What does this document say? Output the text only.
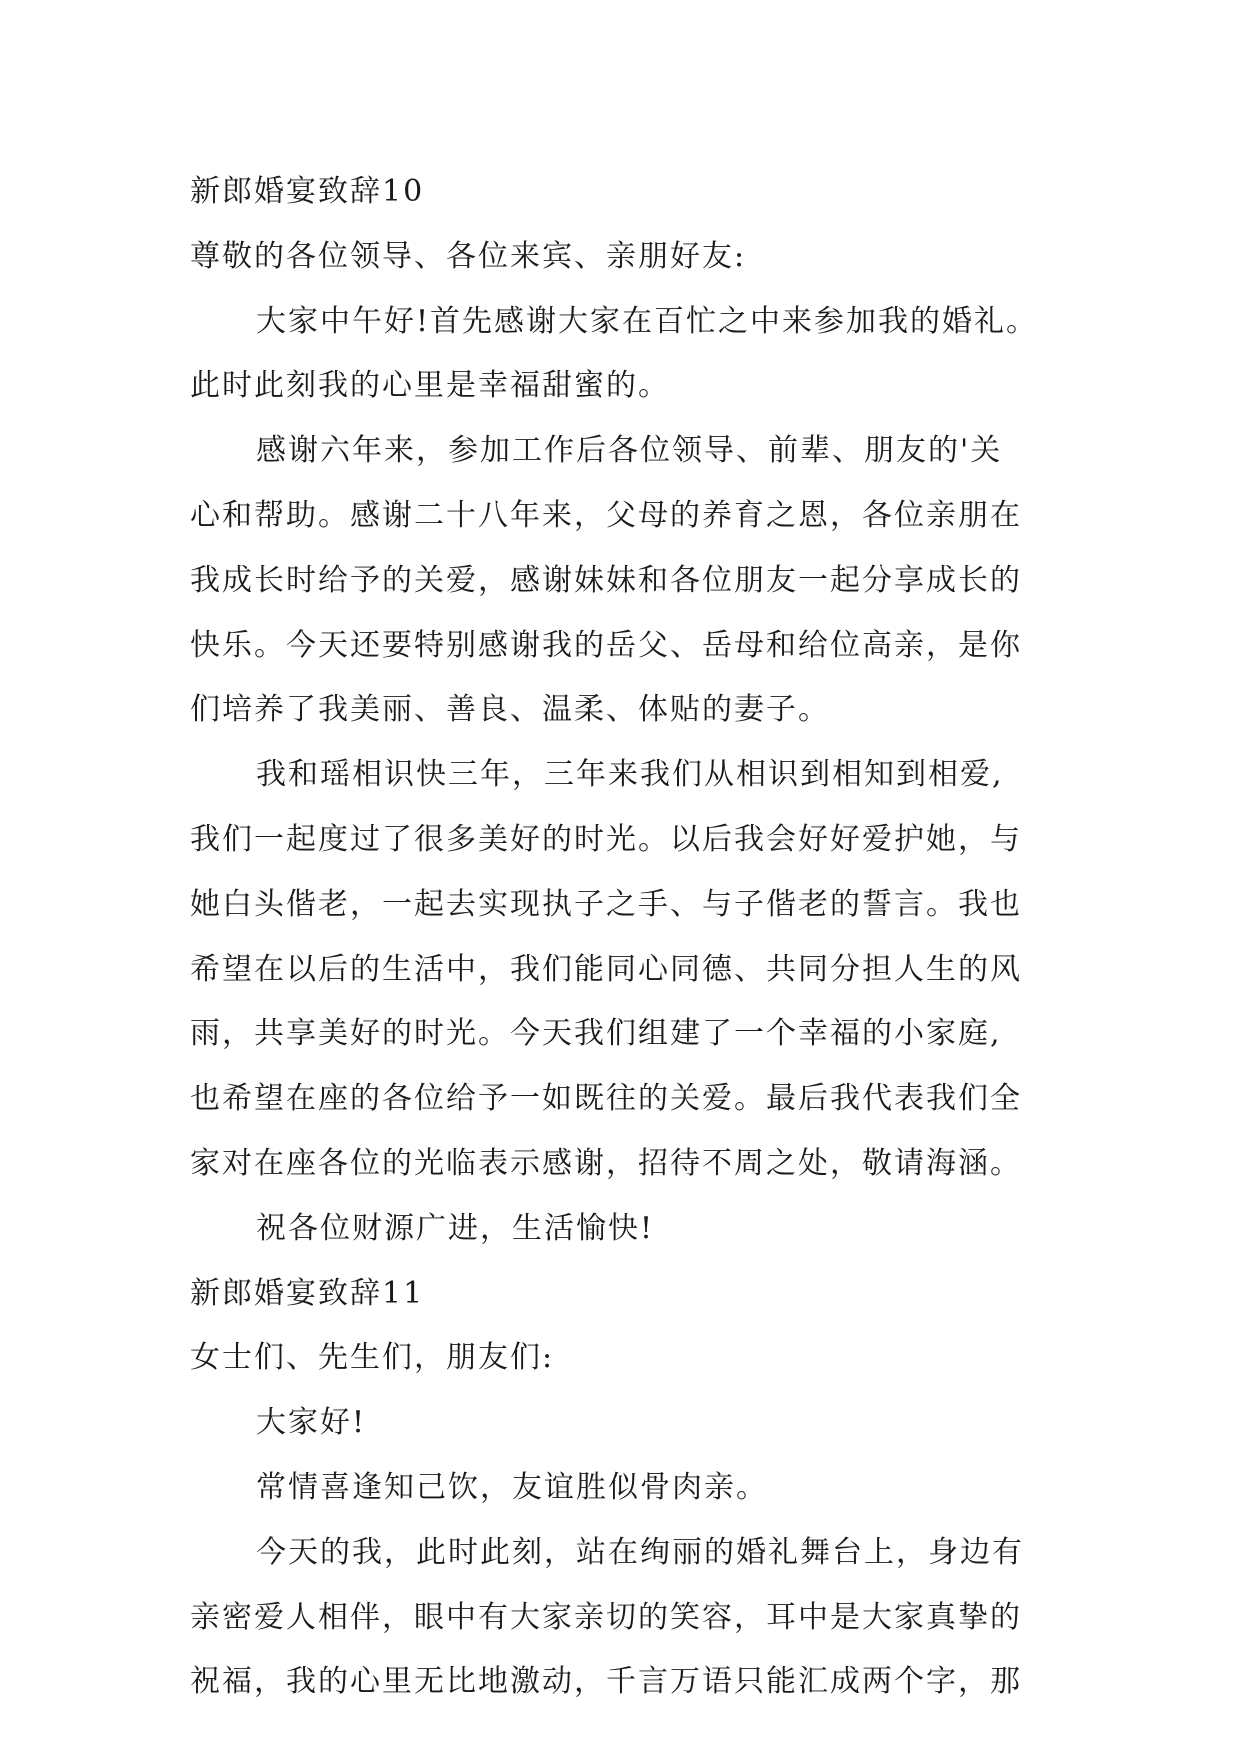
新郎婚宴致辞10
尊敬的各位领导、各位来宾、亲朋好友:
大家中午好!首先感谢大家在百忙之中来参加我的婚礼。
此时此刻我的心里是幸福甜蜜的。
感谢六年来，参加工作后各位领导、前辈、朋友的'关
心和帮助。感谢二十八年来，父母的养育之恩，各位亲朋在
我成长时给予的关爱，感谢妹妹和各位朋友一起分享成长的
快乐。今天还要特别感谢我的岳父、岳母和给位高亲，是你
们培养了我美丽、善良、温柔、体贴的妻子。
我和瑶相识快三年，三年来我们从相识到相知到相爱,
我们一起度过了很多美好的时光。以后我会好好爱护她，与
她白头偕老，一起去实现执子之手、与子偕老的誓言。我也
希望在以后的生活中，我们能同心同德、共同分担人生的风
雨，共享美好的时光。今天我们组建了一个幸福的小家庭,
也希望在座的各位给予一如既往的关爱。最后我代表我们全
家对在座各位的光临表示感谢，招待不周之处，敬请海涵。
祝各位财源广进，生活愉快!
新郎婚宴致辞11
女士们、先生们，朋友们:
大家好!
常情喜逢知己饮，友谊胜似骨肉亲。
今天的我，此时此刻，站在绚丽的婚礼舞台上，身边有
亲密爱人相伴，眼中有大家亲切的笑容，耳中是大家真挚的
祝福，我的心里无比地激动，千言万语只能汇成两个字，那
